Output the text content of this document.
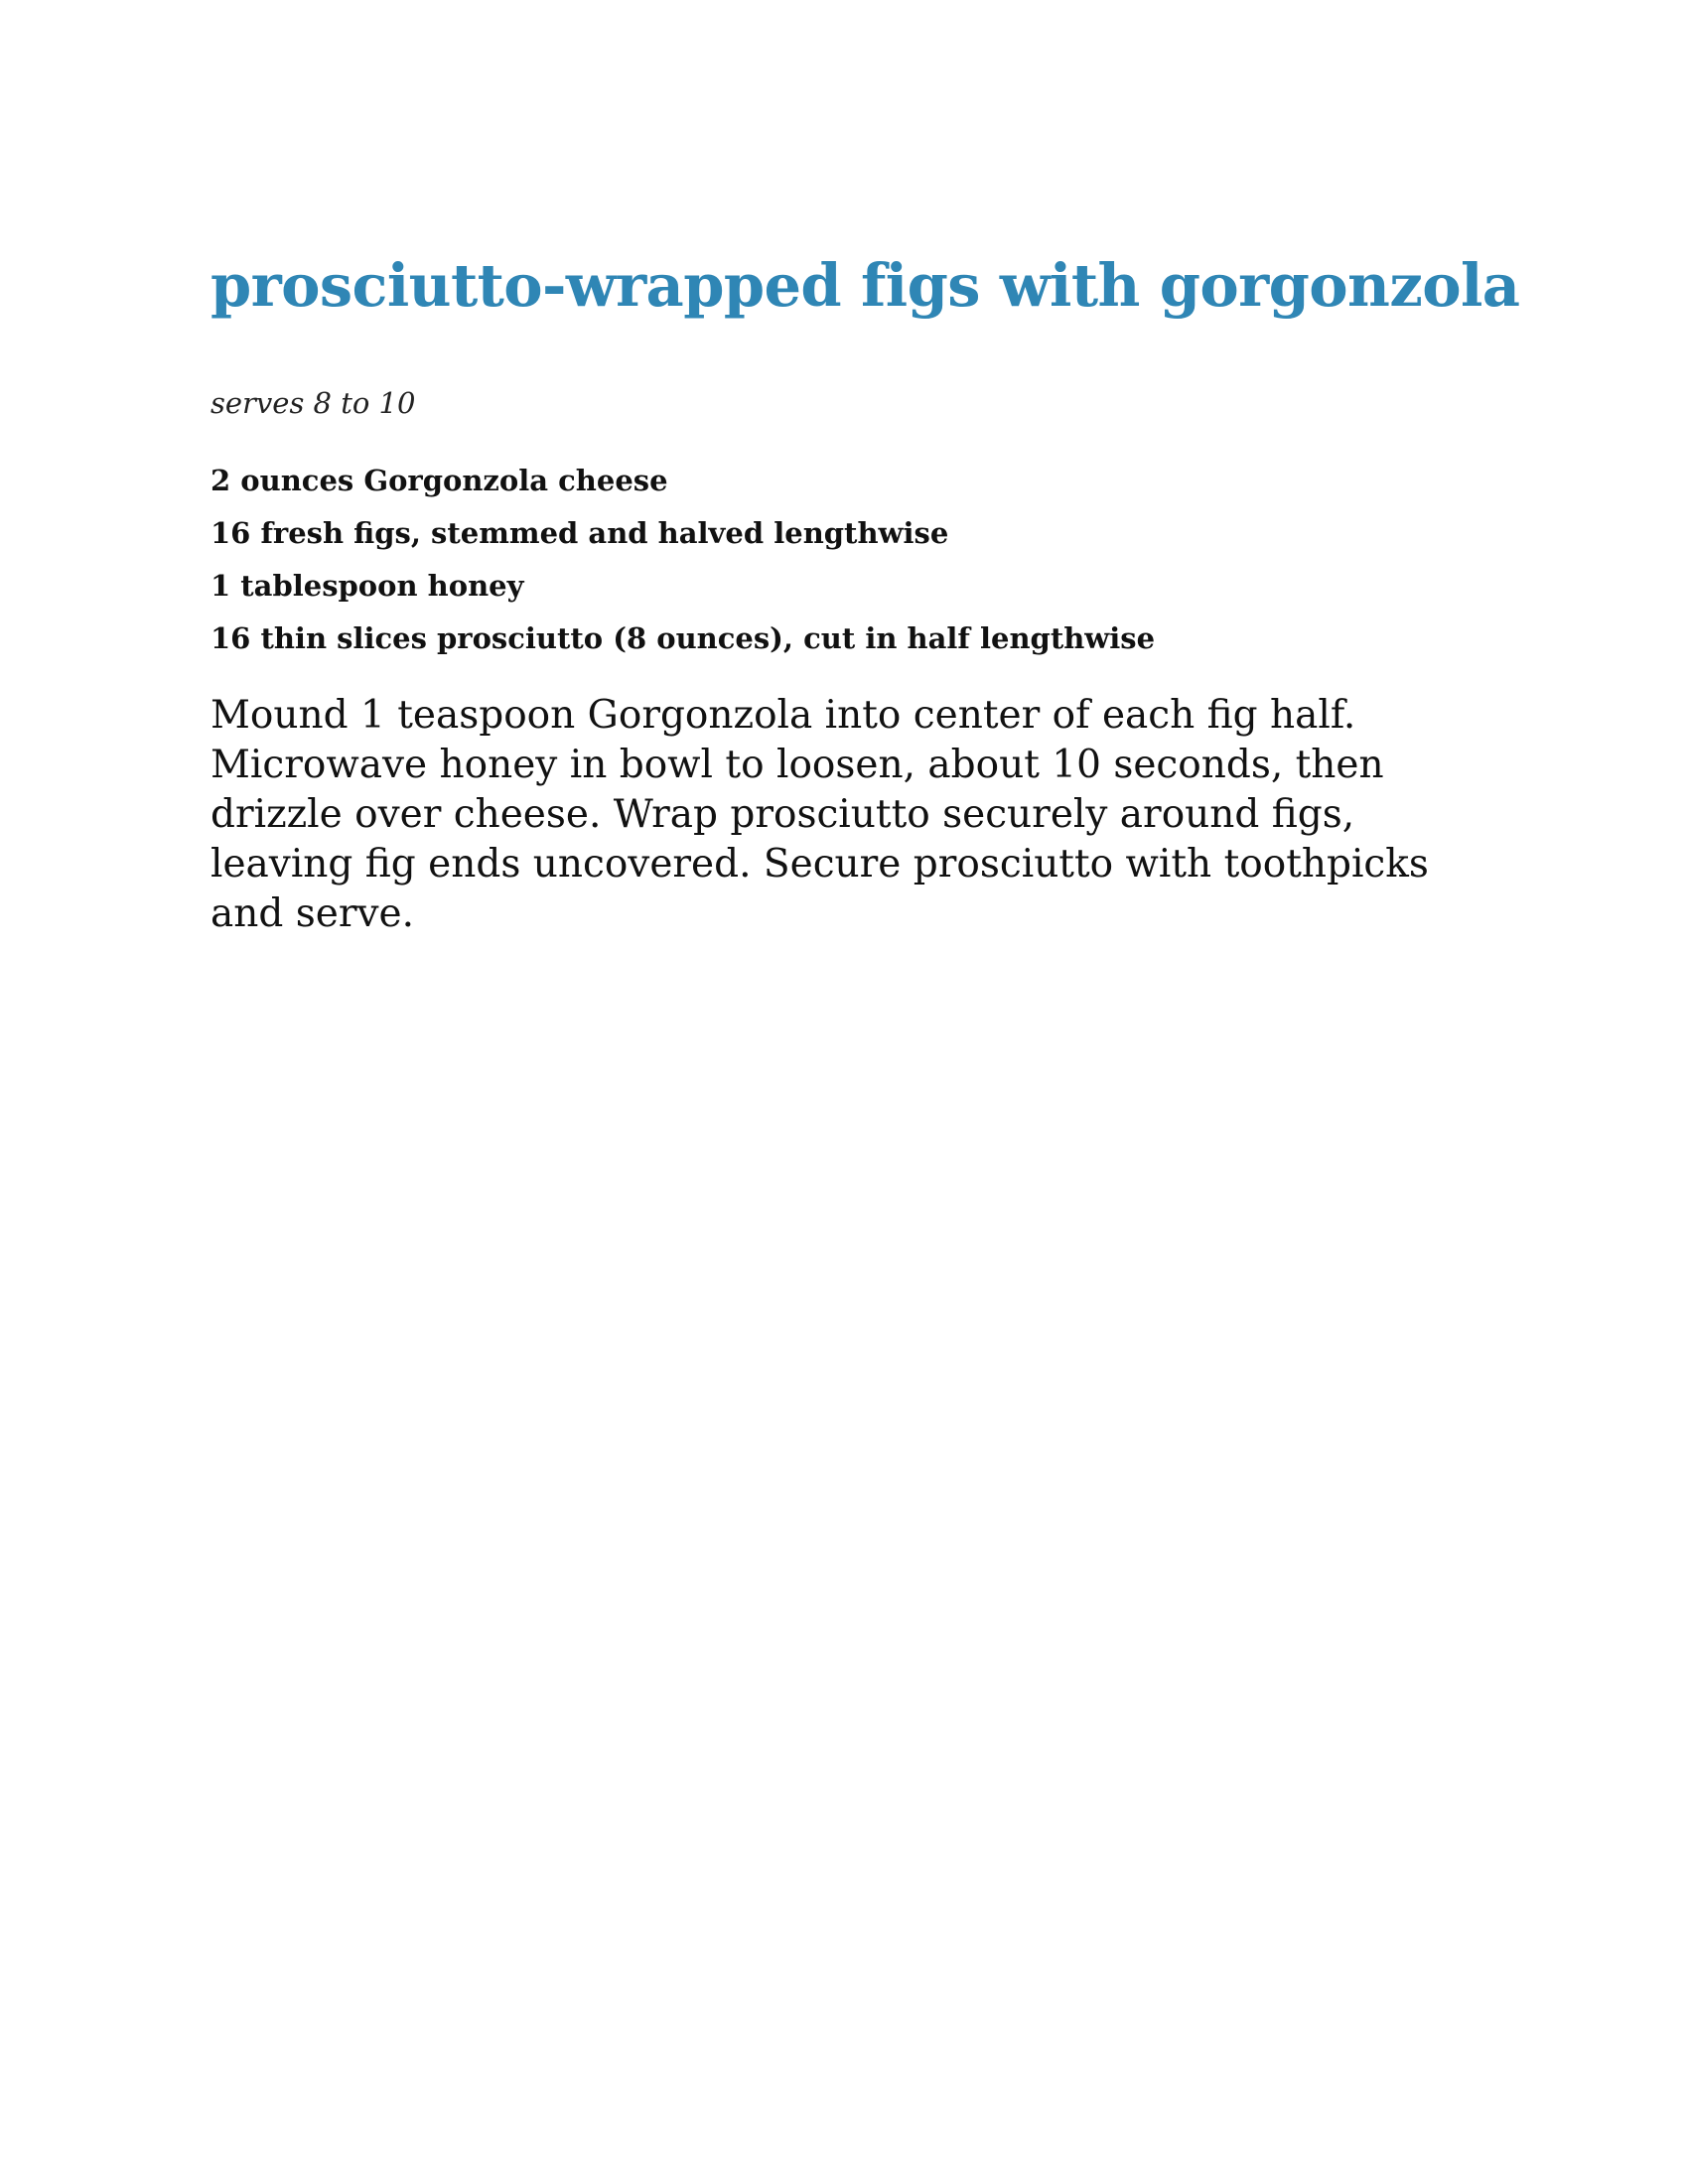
prosciutto-wrapped figs with gorgonzola

serves 8 to 10

2 ounces Gorgonzola cheese
16 fresh figs, stemmed and halved lengthwise
1 tablespoon honey
16 thin slices prosciutto (8 ounces), cut in half lengthwise

Mound 1 teaspoon Gorgonzola into center of each fig half. Microwave honey in bowl to loosen, about 10 seconds, then drizzle over cheese. Wrap prosciutto securely around figs, leaving fig ends uncovered. Secure prosciutto with toothpicks and serve.
